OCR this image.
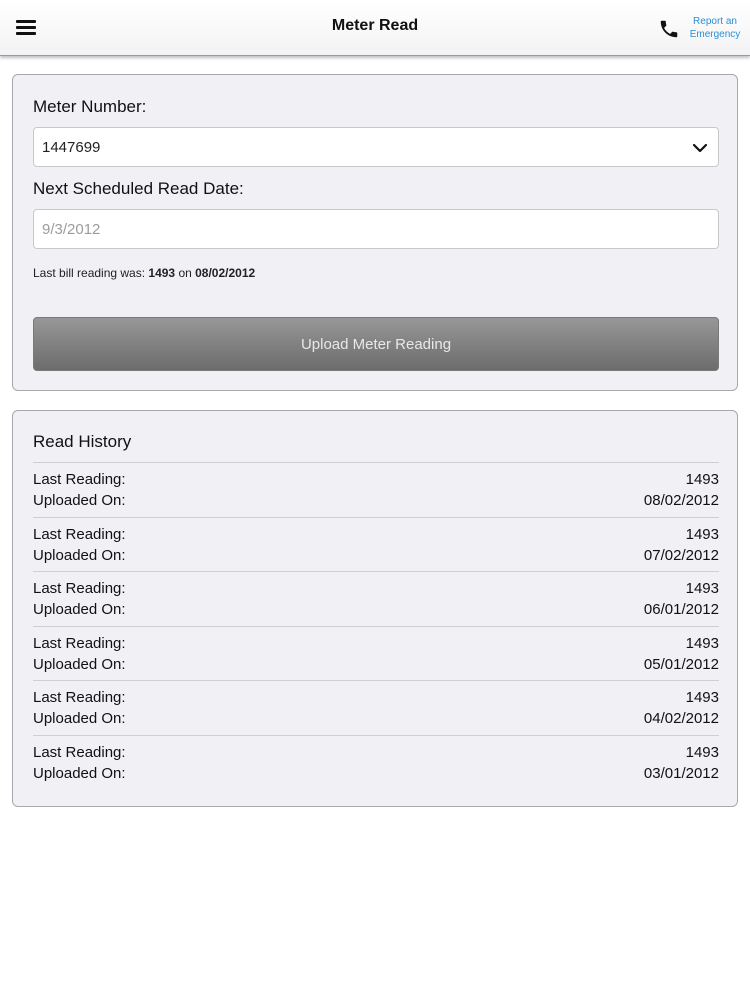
Meter Read	Report an
Emergency
Meter Number:
1447699
Next Scheduled Read Date:
9/3/2012
Last bill reading was: 1493 on 08/02/2012
Upload Meter Reading
Read History
Last Reading:
Uploaded On:
1493
08/02/2012
Last Reading:
Uploaded On:
1493
07/02/2012
Last Reading:
Uploaded On:
1493
06/01/2012
Last Reading:
Uploaded On:
1493
05/01/2012
Last Reading:
Uploaded On:
1493
04/02/2012
Last Reading:
Uploaded On:
1493
03/01/2012
